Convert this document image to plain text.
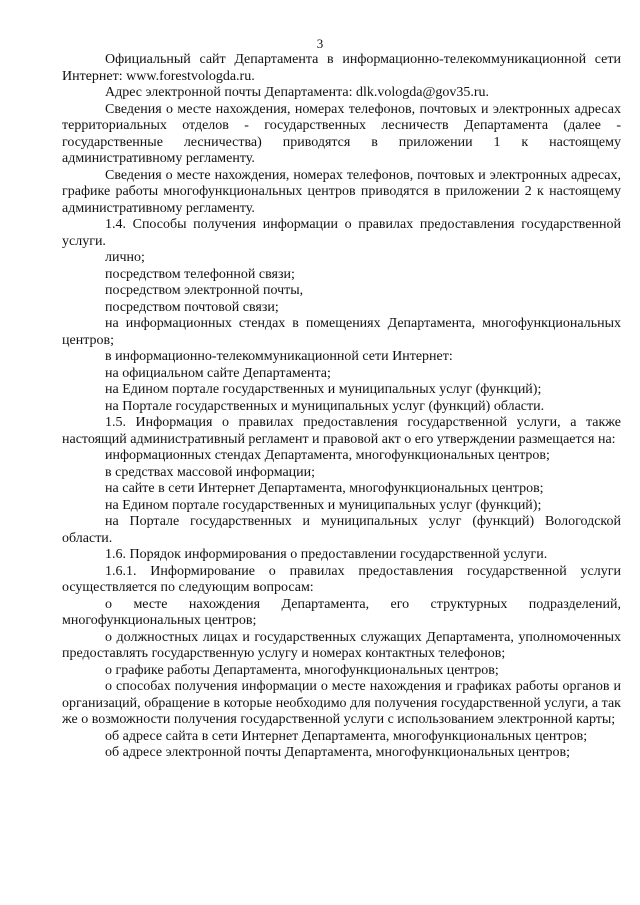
3

Официальный сайт Департамента в информационно-телекоммуникационной сети Интернет: www.forestvologda.ru.

Адрес электронной почты Департамента: dlk.vologda@gov35.ru.

Сведения о месте нахождения, номерах телефонов, почтовых и электронных адресах территориальных отделов - государственных лесничеств Департамента (далее - государственные лесничества) приводятся в приложении 1 к настоящему административному регламенту.

Сведения о месте нахождения, номерах телефонов, почтовых и электронных адресах, графике работы многофункциональных центров приводятся в приложении 2 к настоящему административному регламенту.

1.4. Способы получения информации о правилах предоставления государственной услуги.

лично;

посредством телефонной связи;

посредством электронной почты,

посредством почтовой связи;

на информационных стендах в помещениях Департамента, многофункциональных центров;

в информационно-телекоммуникационной сети Интернет:

на официальном сайте Департамента;

на Едином портале государственных и муниципальных услуг (функций);

на Портале государственных и муниципальных услуг (функций) области.

1.5. Информация о правилах предоставления государственной услуги, а также настоящий административный регламент и правовой акт о его утверждении размещается на:

информационных стендах Департамента, многофункциональных центров;

в средствах массовой информации;

на сайте в сети Интернет Департамента, многофункциональных центров;

на Едином портале государственных и муниципальных услуг (функций);

на Портале государственных и муниципальных услуг (функций) Вологодской области.

1.6. Порядок информирования о предоставлении государственной услуги.

1.6.1. Информирование о правилах предоставления государственной услуги осуществляется по следующим вопросам:

о месте нахождения Департамента, его структурных подразделений, многофункциональных центров;

о должностных лицах и государственных служащих Департамента, уполномоченных предоставлять государственную услугу и номерах контактных телефонов;

о графике работы Департамента, многофункциональных центров;

о способах получения информации о месте нахождения и графиках работы органов и организаций, обращение в которые необходимо для получения государственной услуги, а так же о возможности получения государственной услуги с использованием электронной карты;

об адресе сайта в сети Интернет Департамента, многофункциональных центров;

об адресе электронной почты Департамента, многофункциональных центров;
